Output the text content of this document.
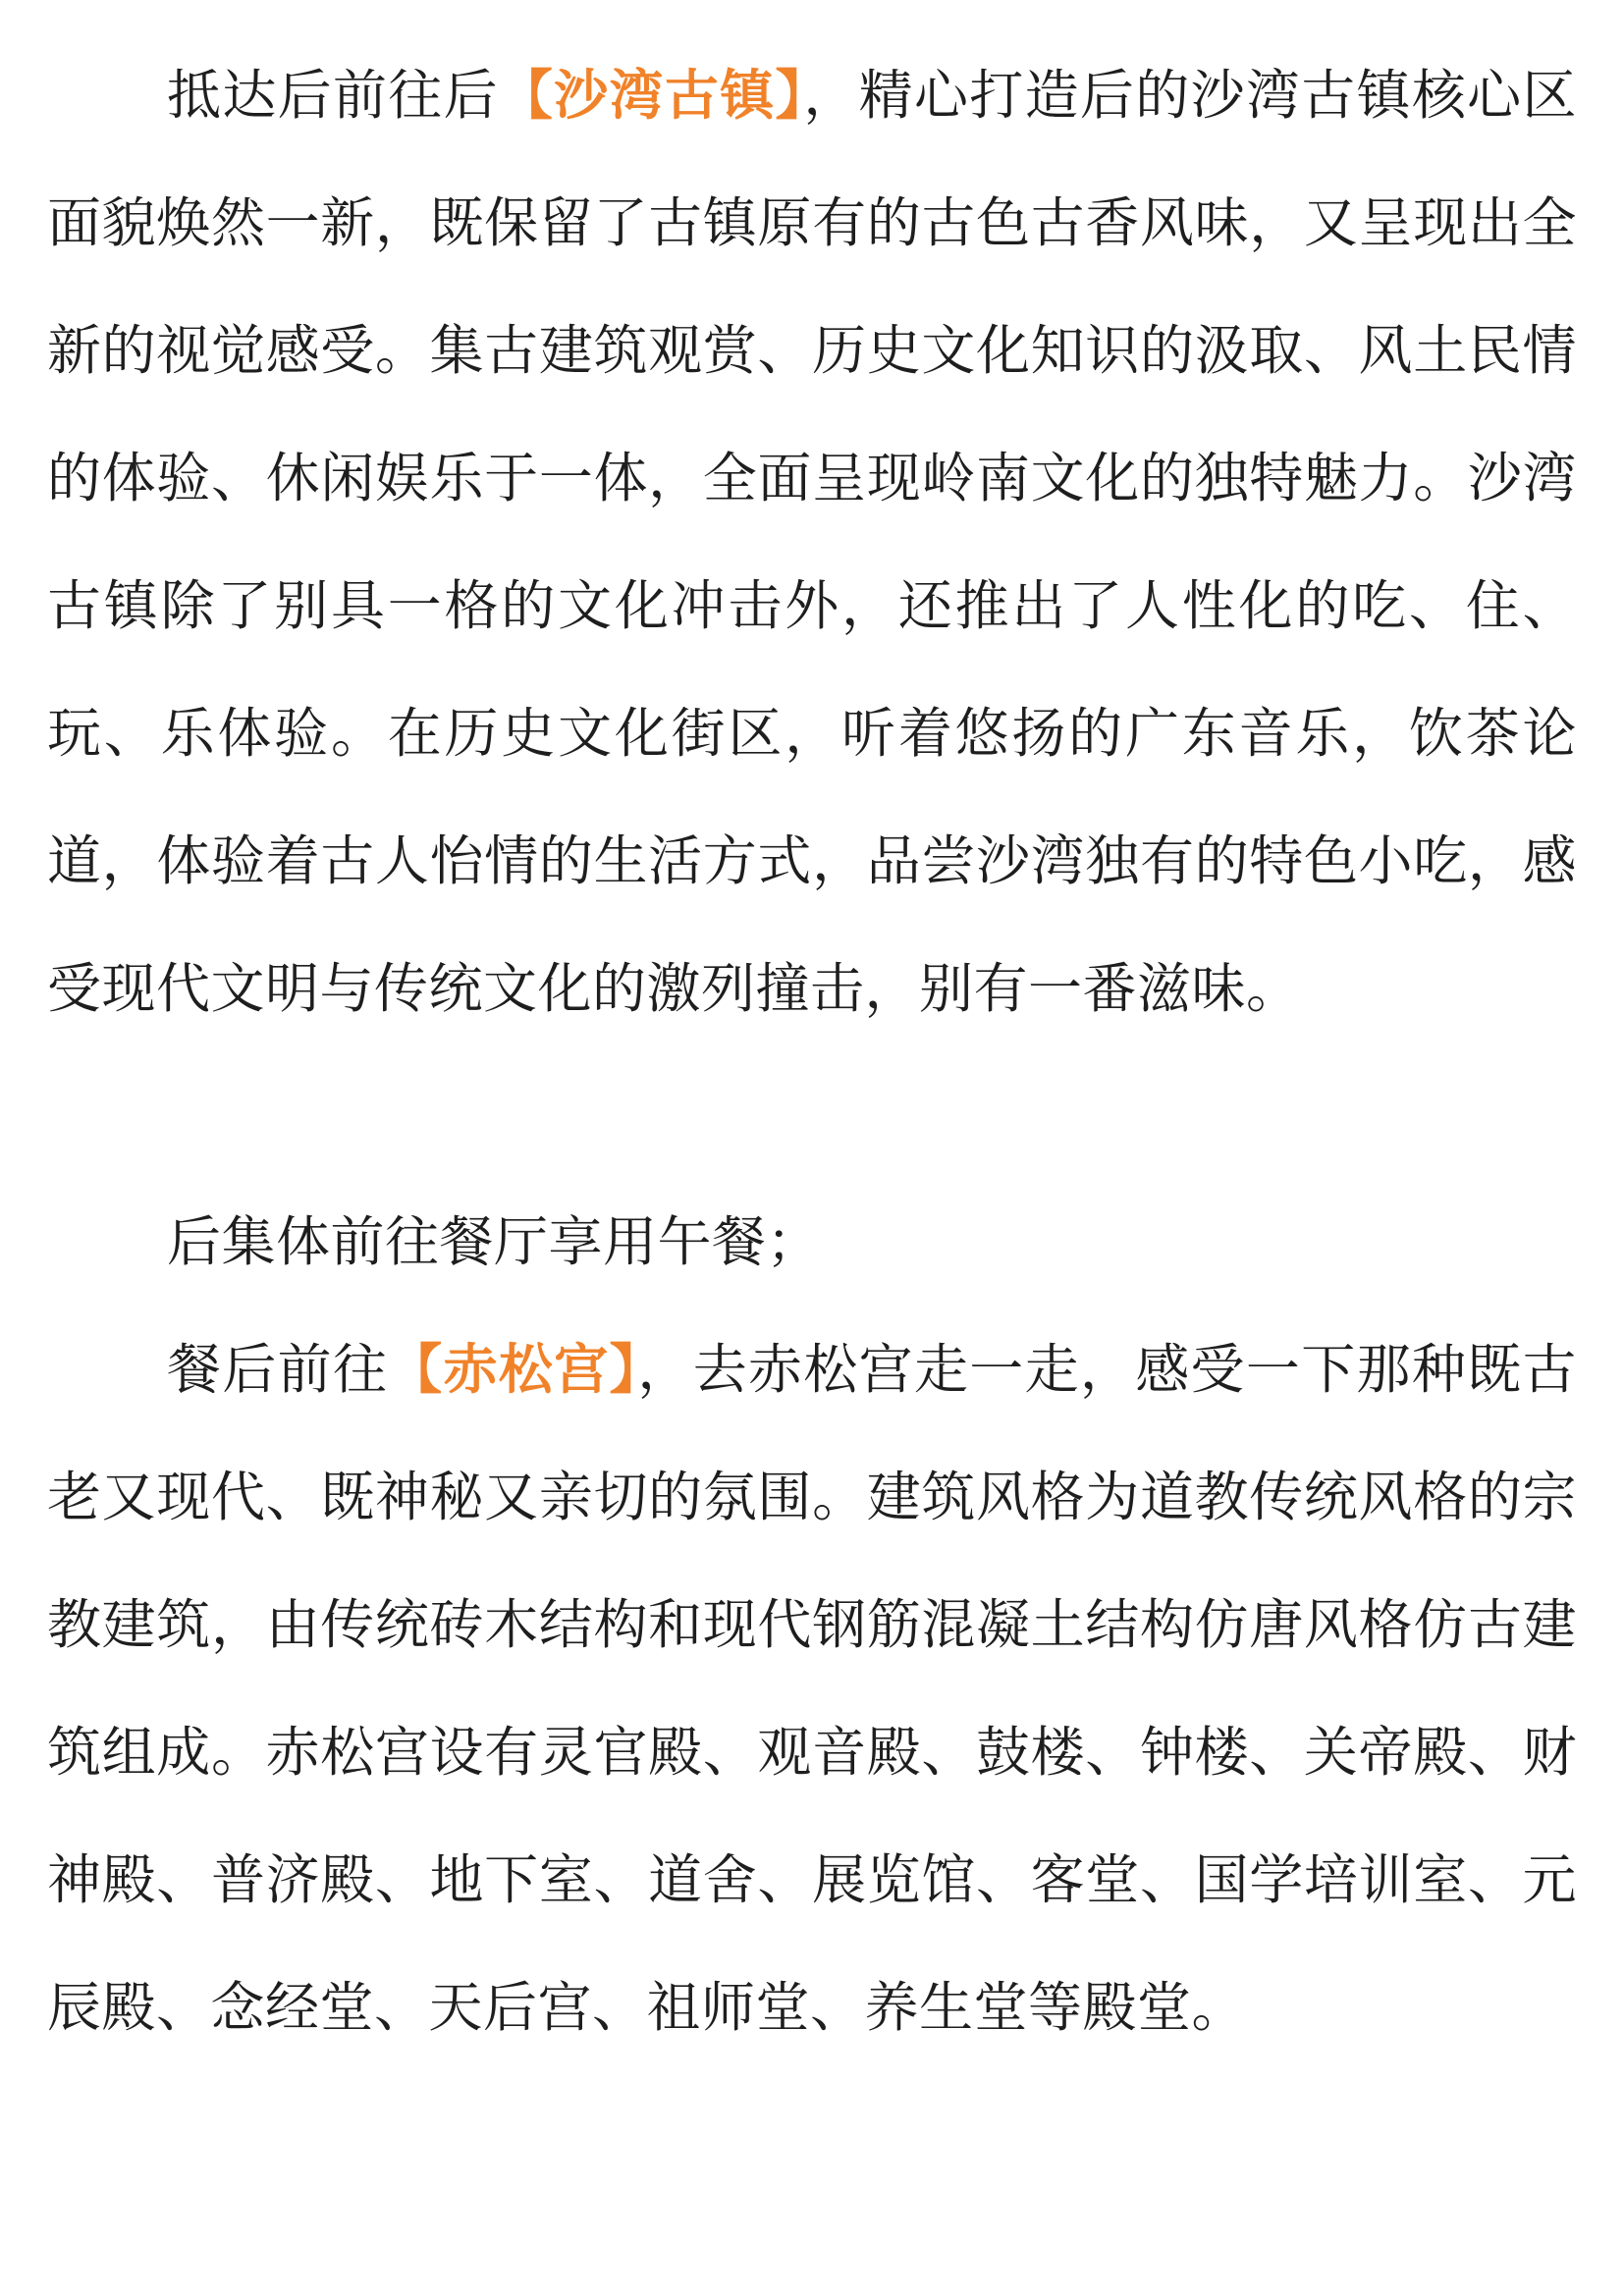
抵达后前往后【沙湾古镇】，精心打造后的沙湾古镇核心区面貌焕然一新，既保留了古镇原有的古色古香风味，又呈现出全新的视觉感受。集古建筑观赏、历史文化知识的汲取、风土民情的体验、休闲娱乐于一体，全面呈现岭南文化的独特魅力。沙湾古镇除了别具一格的文化冲击外，还推出了人性化的吃、住、玩、乐体验。在历史文化街区，听着悠扬的广东音乐，饮茶论道，体验着古人怡情的生活方式，品尝沙湾独有的特色小吃，感受现代文明与传统文化的激列撞击，别有一番滋味。

后集体前往餐厅享用午餐；

餐后前往【赤松宫】，去赤松宫走一走，感受一下那种既古老又现代、既神秘又亲切的氛围。建筑风格为道教传统风格的宗教建筑，由传统砖木结构和现代钢筋混凝土结构仿唐风格仿古建筑组成。赤松宫设有灵官殿、观音殿、鼓楼、钟楼、关帝殿、财神殿、普济殿、地下室、道舍、展览馆、客堂、国学培训室、元辰殿、念经堂、天后宫、祖师堂、养生堂等殿堂。
